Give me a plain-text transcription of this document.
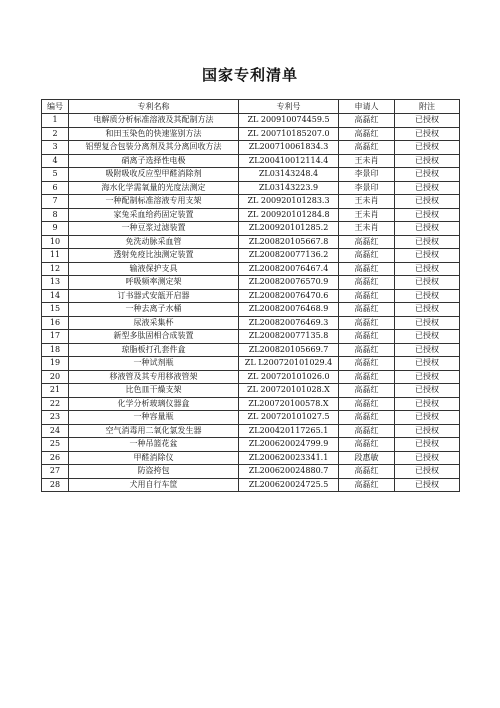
国家专利清单
编号	专利名称	专利号	申请人	附注
1	电解质分析标准溶液及其配制方法	ZL 200910074459.5	高磊红	已授权
2	和田玉染色的快速鉴别方法	ZL 200710185207.0	高磊红	已授权
3	铝塑复合包装分离剂及其分离回收方法	ZL200710061834.3	高磊红	已授权
4	硝离子选择性电极	ZL200410012114.4	王未肖	已授权
5	吸附吸收反应型甲醛消除剂	ZL03143248.4	李景印	已授权
6	海水化学需氧量的光度法测定	ZL03143223.9	李景印	已授权
7	一种配制标准溶液专用支架	ZL 200920101283.3	王未肖	已授权
8	家兔采血给药固定装置	ZL 200920101284.8	王未肖	已授权
9	一种豆浆过滤装置	ZL200920101285.2	王未肖	已授权
10	免洗动脉采血管	ZL200820105667.8	高磊红	已授权
11	透射免疫比浊测定装置	ZL200820077136.2	高磊红	已授权
12	输液保护支具	ZL200820076467.4	高磊红	已授权
13	呼吸频率测定架	ZL200820076570.9	高磊红	已授权
14	订书器式安瓿开启器	ZL200820076470.6	高磊红	已授权
15	一种去离子水桶	ZL200820076468.9	高磊红	已授权
16	尿液采集杯	ZL200820076469.3	高磊红	已授权
17	新型多肽固相合成装置	ZL200820077135.8	高磊红	已授权
18	琼脂板打孔套件盒	ZL200820105669.7	高磊红	已授权
19	一种试剂瓶	ZL L200720101029.4	高磊红	已授权
20	移液管及其专用移液管架	ZL 200720101026.0	高磊红	已授权
21	比色皿干燥支架	ZL 200720101028.X	高磊红	已授权
22	化学分析玻璃仪器盒	ZL200720100578.X	高磊红	已授权
23	一种容量瓶	ZL 200720101027.5	高磊红	已授权
24	空气消毒用二氧化氯发生器	ZL200420117265.1	高磊红	已授权
25	一种吊篮花盆	ZL200620024799.9	高磊红	已授权
26	甲醛消除仪	ZL200620023341.1	段惠敏	已授权
27	防盗挎包	ZL200620024880.7	高磊红	已授权
28	犬用自行车筐	ZL200620024725.5	高磊红	已授权
